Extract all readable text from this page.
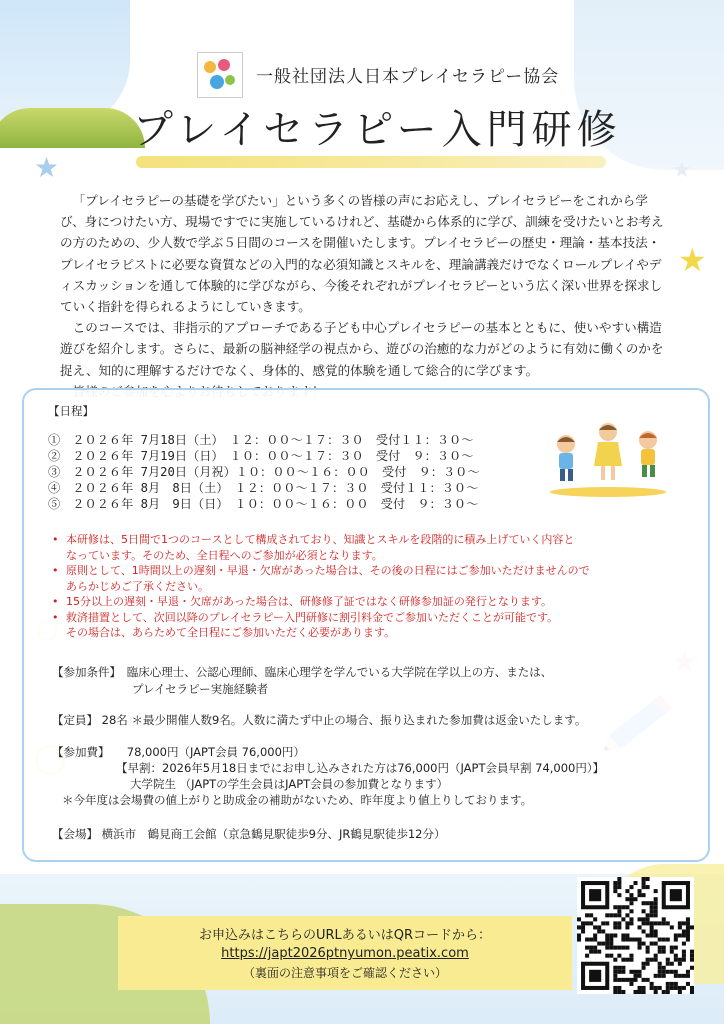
★
★
★
一般社団法人日本プレイセラピー協会
プレイセラピー入門研修

「プレイセラピーの基礎を学びたい」という多くの皆様の声にお応えし、プレイセラピーをこれから学び、身につけたい方、現場ですでに実施しているけれど、基礎から体系的に学び、訓練を受けたいとお考えの方のための、少人数で学ぶ５日間のコースを開催いたします。プレイセラピーの歴史・理論・基本技法・プレイセラピストに必要な資質などの入門的な必須知識とスキルを、理論講義だけでなくロールプレイやディスカッションを通して体験的に学びながら、今後それぞれがプレイセラピーという広く深い世界を探求していく指針を得られるようにしていきます。

このコースでは、非指示的アプローチである子ども中心プレイセラピーの基本とともに、使いやすい構造遊びを紹介します。さらに、最新の脳神経学の視点から、遊びの治癒的な力がどのように有効に働くのかを捉え、知的に理解するだけでなく、身体的、感覚的体験を通して総合的に学びます。

【日程】
①　２０２６年 7月18日（土）　１２：００〜１７：３０　受付１１：３０〜
②　２０２６年 7月19日（日）　１０：００〜１７：３０　受付　９：３０〜
③　２０２６年 7月20日（月祝）１０：００〜１６：００　受付　９：３０〜
④　２０２６年 8月　8日（土）　１２：００〜１７：３０　受付１１：３０〜
⑤　２０２６年 8月　9日（日）　１０：００〜１６：００　受付　９：３０〜
• 本研修は、5日間で1つのコースとして構成されており、知識とスキルを段階的に積み上げていく内容と
なっています。そのため、全日程へのご参加が必須となります。
• 原則として、1時間以上の遅刻・早退・欠席があった場合は、その後の日程にはご参加いただけませんので
あらかじめご了承ください。
• 15分以上の遅刻・早退・欠席があった場合は、研修修了証ではなく研修参加証の発行となります。
• 救済措置として、次回以降のプレイセラピー入門研修に割引料金でご参加いただくことが可能です。
その場合は、あらためて全日程にご参加いただく必要があります。
【参加条件】　 臨床心理士、公認心理師、臨床心理学を学んでいる大学院在学以上の方、または、
プレイセラピー実施経験者
【定員】 28名 ＊最少開催人数9名。人数に満たず中止の場合、振り込まれた参加費は返金いたします。
【参加費】　　 78,000円（JAPT会員 76,000円）
【早割：2026年5月18日までにお申し込みされた方は76,000円（JAPT会員早割 74,000円）】
大学院生 （JAPTの学生会員はJAPT会員の参加費となります）
＊今年度は会場費の値上がりと助成金の補助がないため、昨年度より値上りしております。
【会場】 横浜市　鶴見商工会館（京急鶴見駅徒歩9分、JR鶴見駅徒歩12分）
お申込みはこちらのURLあるいはQRコードから：
https://japt2026ptnyumon.peatix.com
（裏面の注意事項をご確認ください）
